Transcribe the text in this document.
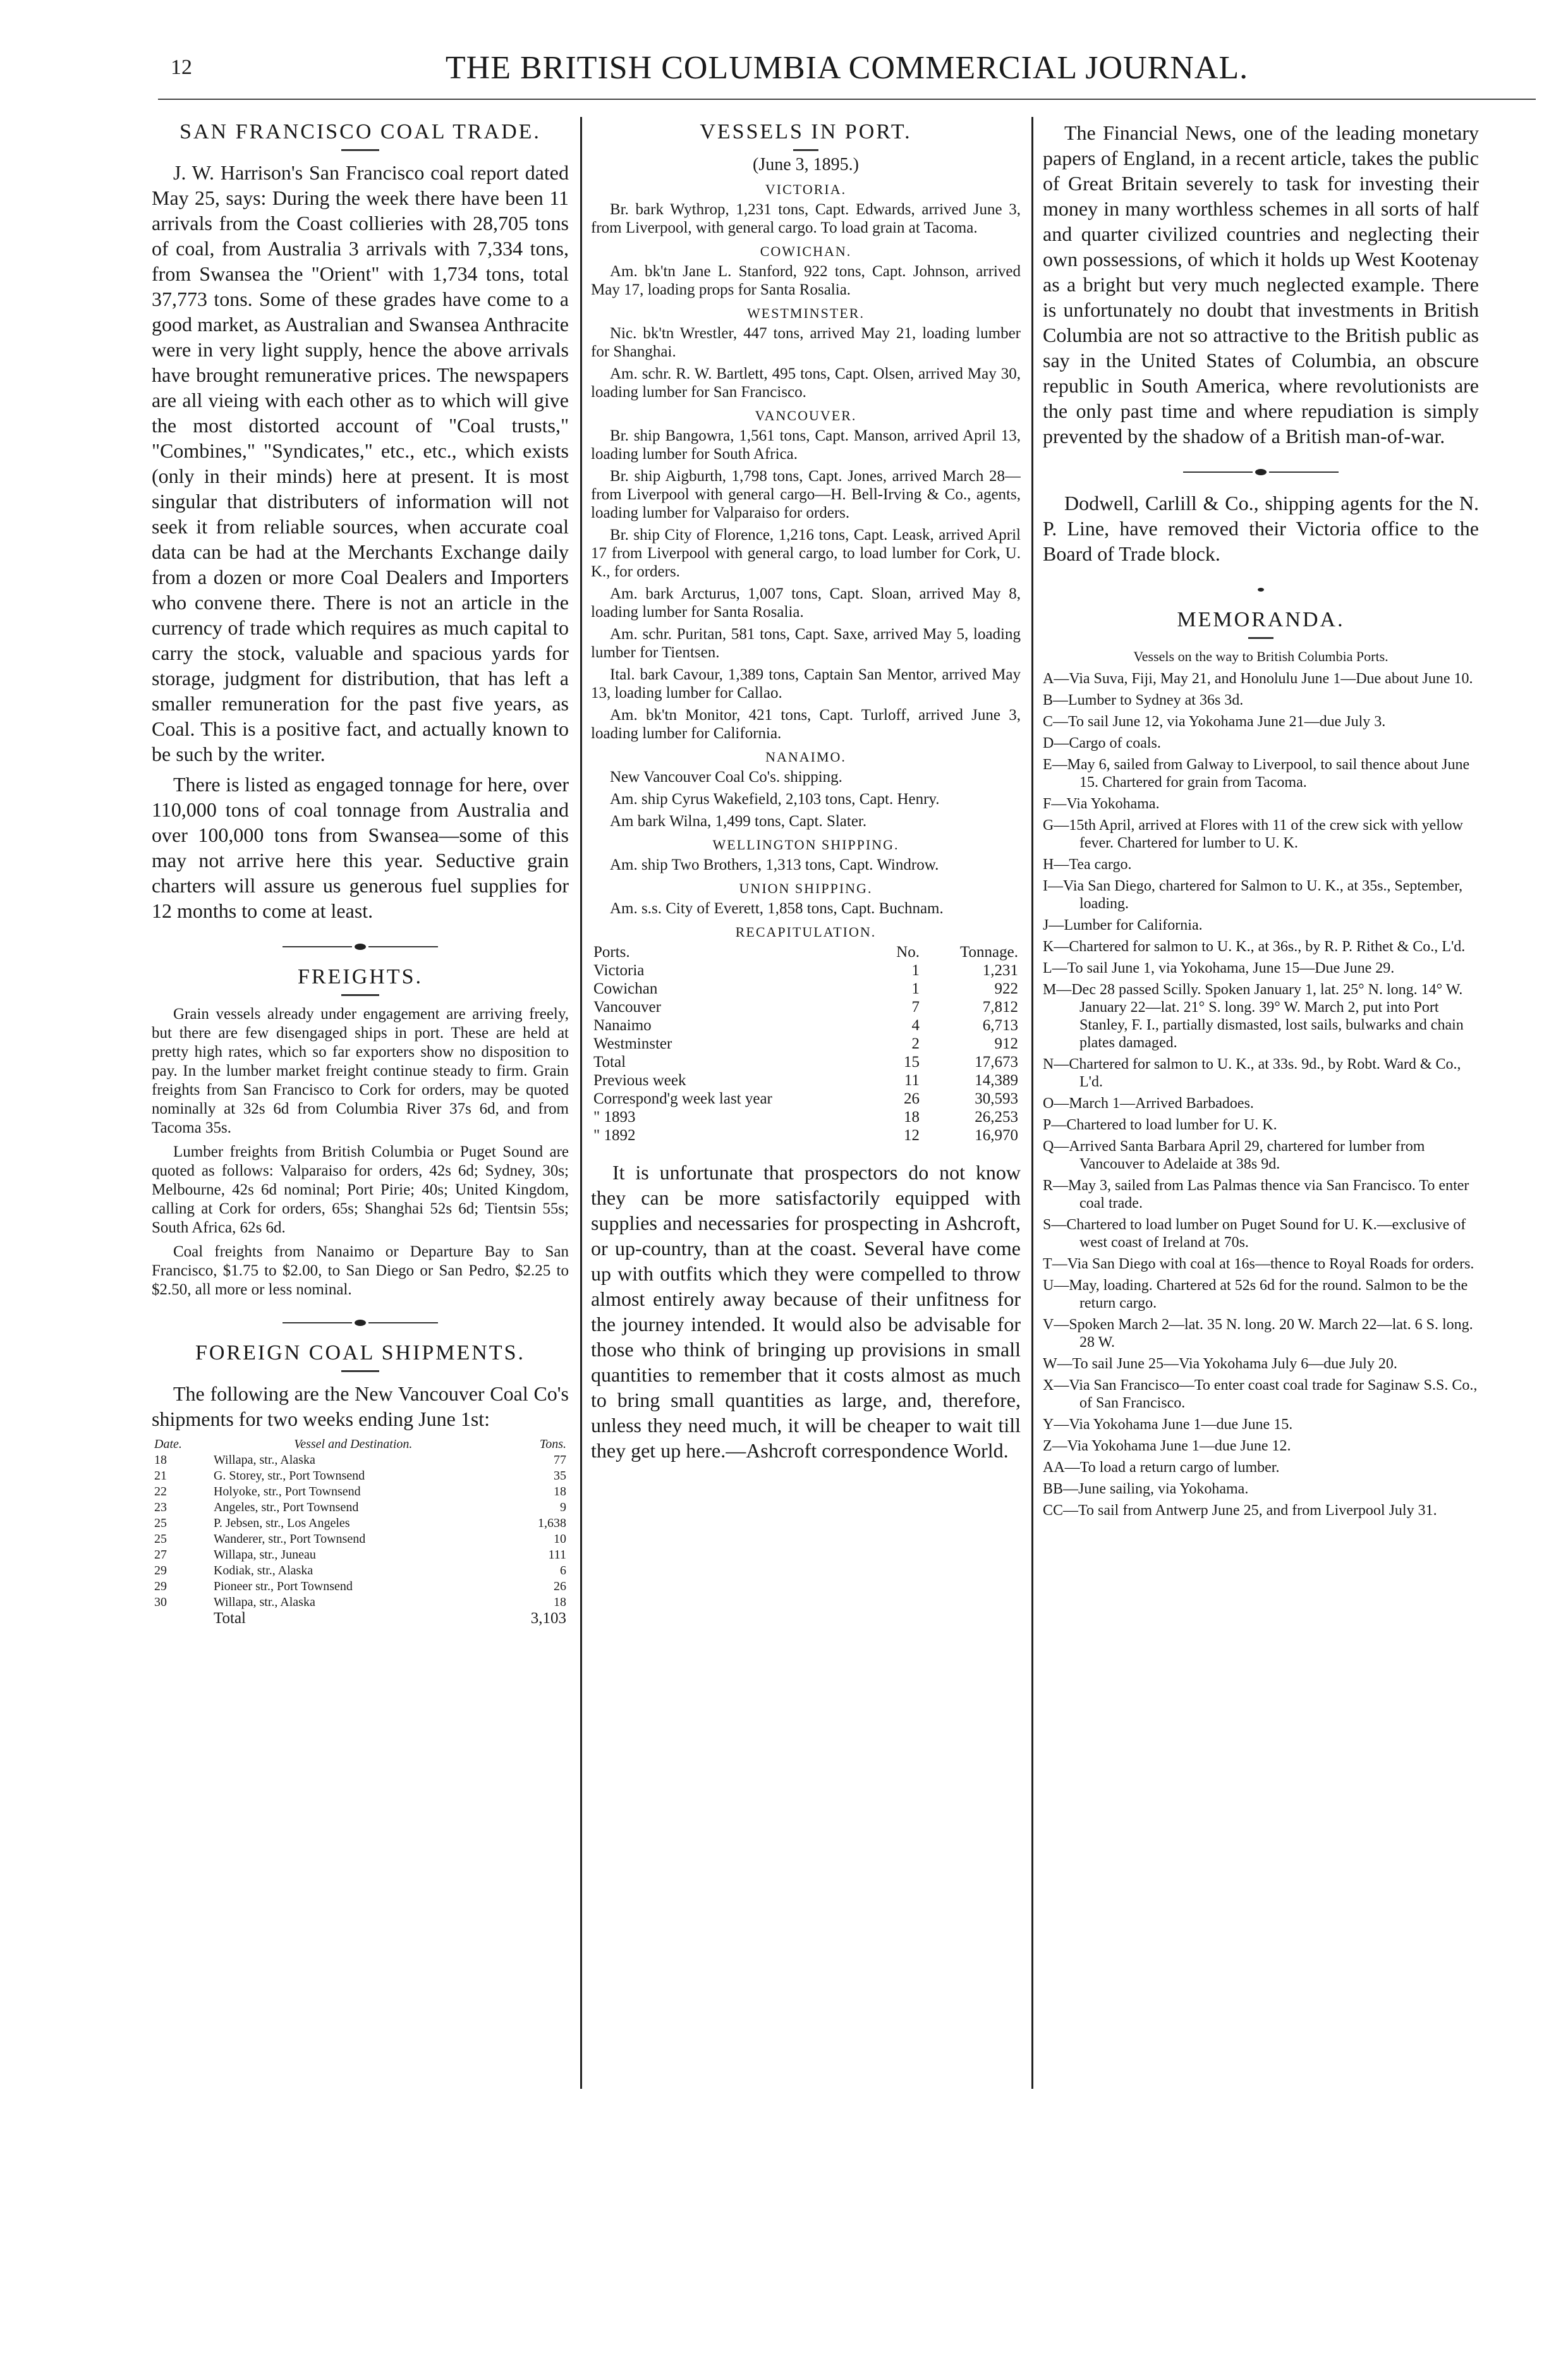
12	THE BRITISH COLUMBIA COMMERCIAL JOURNAL.
SAN FRANCISCO COAL TRADE.

J. W. Harrison's San Francisco coal report dated May 25, says: During the week there have been 11 arrivals from the Coast collieries with 28,705 tons of coal, from Australia 3 arrivals with 7,334 tons, from Swansea the "Orient" with 1,734 tons, total 37,773 tons. Some of these grades have come to a good market, as Australian and Swansea Anthracite were in very light supply, hence the above arrivals have brought remunerative prices. The newspapers are all vieing with each other as to which will give the most distorted account of "Coal trusts," "Combines," "Syndicates," etc., etc., which exists (only in their minds) here at present. It is most singular that distributers of information will not seek it from reliable sources, when accurate coal data can be had at the Merchants Exchange daily from a dozen or more Coal Dealers and Importers who convene there. There is not an article in the currency of trade which requires as much capital to carry the stock, valuable and spacious yards for storage, judgment for distribution, that has left a smaller remuneration for the past five years, as Coal. This is a positive fact, and actually known to be such by the writer.

There is listed as engaged tonnage for here, over 110,000 tons of coal tonnage from Australia and over 100,000 tons from Swansea—some of this may not arrive here this year. Seductive grain charters will assure us generous fuel supplies for 12 months to come at least.

FREIGHTS.

Grain vessels already under engagement are arriving freely, but there are few disengaged ships in port. These are held at pretty high rates, which so far exporters show no disposition to pay. In the lumber market freight continue steady to firm. Grain freights from San Francisco to Cork for orders, may be quoted nominally at 32s 6d from Columbia River 37s 6d, and from Tacoma 35s.

Lumber freights from British Columbia or Puget Sound are quoted as follows: Valparaiso for orders, 42s 6d; Sydney, 30s; Melbourne, 42s 6d nominal; Port Pirie; 40s; United Kingdom, calling at Cork for orders, 65s; Shanghai 52s 6d; Tientsin 55s; South Africa, 62s 6d.

Coal freights from Nanaimo or Departure Bay to San Francisco, $1.75 to $2.00, to San Diego or San Pedro, $2.25 to $2.50, all more or less nominal.

FOREIGN COAL SHIPMENTS.

The following are the New Vancouver Coal Co's shipments for two weeks ending June 1st:

Date.	Vessel and Destination.	Tons.
18	Willapa, str., Alaska	77
21	G. Storey, str., Port Townsend	35
22	Holyoke, str., Port Townsend	18
23	Angeles, str., Port Townsend	9
25	P. Jebsen, str., Los Angeles	1,638
25	Wanderer, str., Port Townsend	10
27	Willapa, str., Juneau	111
29	Kodiak, str., Alaska	6
29	Pioneer str., Port Townsend	26
30	Willapa, str., Alaska	18
	Total	3,103
VESSELS IN PORT.
(June 3, 1895.)
VICTORIA.

Br. bark Wythrop, 1,231 tons, Capt. Edwards, arrived June 3, from Liverpool, with general cargo. To load grain at Tacoma.

COWICHAN.

Am. bk'tn Jane L. Stanford, 922 tons, Capt. Johnson, arrived May 17, loading props for Santa Rosalia.

WESTMINSTER.

Nic. bk'tn Wrestler, 447 tons, arrived May 21, loading lumber for Shanghai.

Am. schr. R. W. Bartlett, 495 tons, Capt. Olsen, arrived May 30, loading lumber for San Francisco.

VANCOUVER.

Br. ship Bangowra, 1,561 tons, Capt. Manson, arrived April 13, loading lumber for South Africa.

Br. ship Aigburth, 1,798 tons, Capt. Jones, arrived March 28—from Liverpool with general cargo—H. Bell-Irving & Co., agents, loading lumber for Valparaiso for orders.

Br. ship City of Florence, 1,216 tons, Capt. Leask, arrived April 17 from Liverpool with general cargo, to load lumber for Cork, U. K., for orders.

Am. bark Arcturus, 1,007 tons, Capt. Sloan, arrived May 8, loading lumber for Santa Rosalia.

Am. schr. Puritan, 581 tons, Capt. Saxe, arrived May 5, loading lumber for Tientsen.

Ital. bark Cavour, 1,389 tons, Captain San Mentor, arrived May 13, loading lumber for Callao.

Am. bk'tn Monitor, 421 tons, Capt. Turloff, arrived June 3, loading lumber for California.

NANAIMO.

New Vancouver Coal Co's. shipping.

Am. ship Cyrus Wakefield, 2,103 tons, Capt. Henry.

Am bark Wilna, 1,499 tons, Capt. Slater.

WELLINGTON SHIPPING.

Am. ship Two Brothers, 1,313 tons, Capt. Windrow.

UNION SHIPPING.

Am. s.s. City of Everett, 1,858 tons, Capt. Buchnam.

RECAPITULATION.
Ports.	No.	Tonnage.
Victoria	1	1,231
Cowichan	1	922
Vancouver	7	7,812
Nanaimo	4	6,713
Westminster	2	912
Total	15	17,673
Previous week	11	14,389
Correspond'g week last year	26	30,593
" 1893	18	26,253
" 1892	12	16,970

It is unfortunate that prospectors do not know they can be more satisfactorily equipped with supplies and necessaries for prospecting in Ashcroft, or up-country, than at the coast. Several have come up with outfits which they were compelled to throw almost entirely away because of their unfitness for the journey intended. It would also be advisable for those who think of bringing up provisions in small quantities to remember that it costs almost as much to bring small quantities as large, and, therefore, unless they need much, it will be cheaper to wait till they get up here.—Ashcroft correspondence World.

The Financial News, one of the leading monetary papers of England, in a recent article, takes the public of Great Britain severely to task for investing their money in many worthless schemes in all sorts of half and quarter civilized countries and neglecting their own possessions, of which it holds up West Kootenay as a bright but very much neglected example. There is unfortunately no doubt that investments in British Columbia are not so attractive to the British public as say in the United States of Columbia, an obscure republic in South America, where revolutionists are the only past time and where repudiation is simply prevented by the shadow of a British man-of-war.

Dodwell, Carlill & Co., shipping agents for the N. P. Line, have removed their Victoria office to the Board of Trade block.

MEMORANDA.
Vessels on the way to British Columbia Ports.

A—Via Suva, Fiji, May 21, and Honolulu June 1—Due about June 10.

B—Lumber to Sydney at 36s 3d.

C—To sail June 12, via Yokohama June 21—due July 3.

D—Cargo of coals.

E—May 6, sailed from Galway to Liverpool, to sail thence about June 15. Chartered for grain from Tacoma.

F—Via Yokohama.

G—15th April, arrived at Flores with 11 of the crew sick with yellow fever. Chartered for lumber to U. K.

H—Tea cargo.

I—Via San Diego, chartered for Salmon to U. K., at 35s., September, loading.

J—Lumber for California.

K—Chartered for salmon to U. K., at 36s., by R. P. Rithet & Co., L'd.

L—To sail June 1, via Yokohama, June 15—Due June 29.

M—Dec 28 passed Scilly. Spoken January 1, lat. 25° N. long. 14° W. January 22—lat. 21° S. long. 39° W. March 2, put into Port Stanley, F. I., partially dismasted, lost sails, bulwarks and chain plates damaged.

N—Chartered for salmon to U. K., at 33s. 9d., by Robt. Ward & Co., L'd.

O—March 1—Arrived Barbadoes.

P—Chartered to load lumber for U. K.

Q—Arrived Santa Barbara April 29, chartered for lumber from Vancouver to Adelaide at 38s 9d.

R—May 3, sailed from Las Palmas thence via San Francisco. To enter coal trade.

S—Chartered to load lumber on Puget Sound for U. K.—exclusive of west coast of Ireland at 70s.

T—Via San Diego with coal at 16s—thence to Royal Roads for orders.

U—May, loading. Chartered at 52s 6d for the round. Salmon to be the return cargo.

V—Spoken March 2—lat. 35 N. long. 20 W. March 22—lat. 6 S. long. 28 W.

W—To sail June 25—Via Yokohama July 6—due July 20.

X—Via San Francisco—To enter coast coal trade for Saginaw S.S. Co., of San Francisco.

Y—Via Yokohama June 1—due June 15.

Z—Via Yokohama June 1—due June 12.

AA—To load a return cargo of lumber.

BB—June sailing, via Yokohama.

CC—To sail from Antwerp June 25, and from Liverpool July 31.
